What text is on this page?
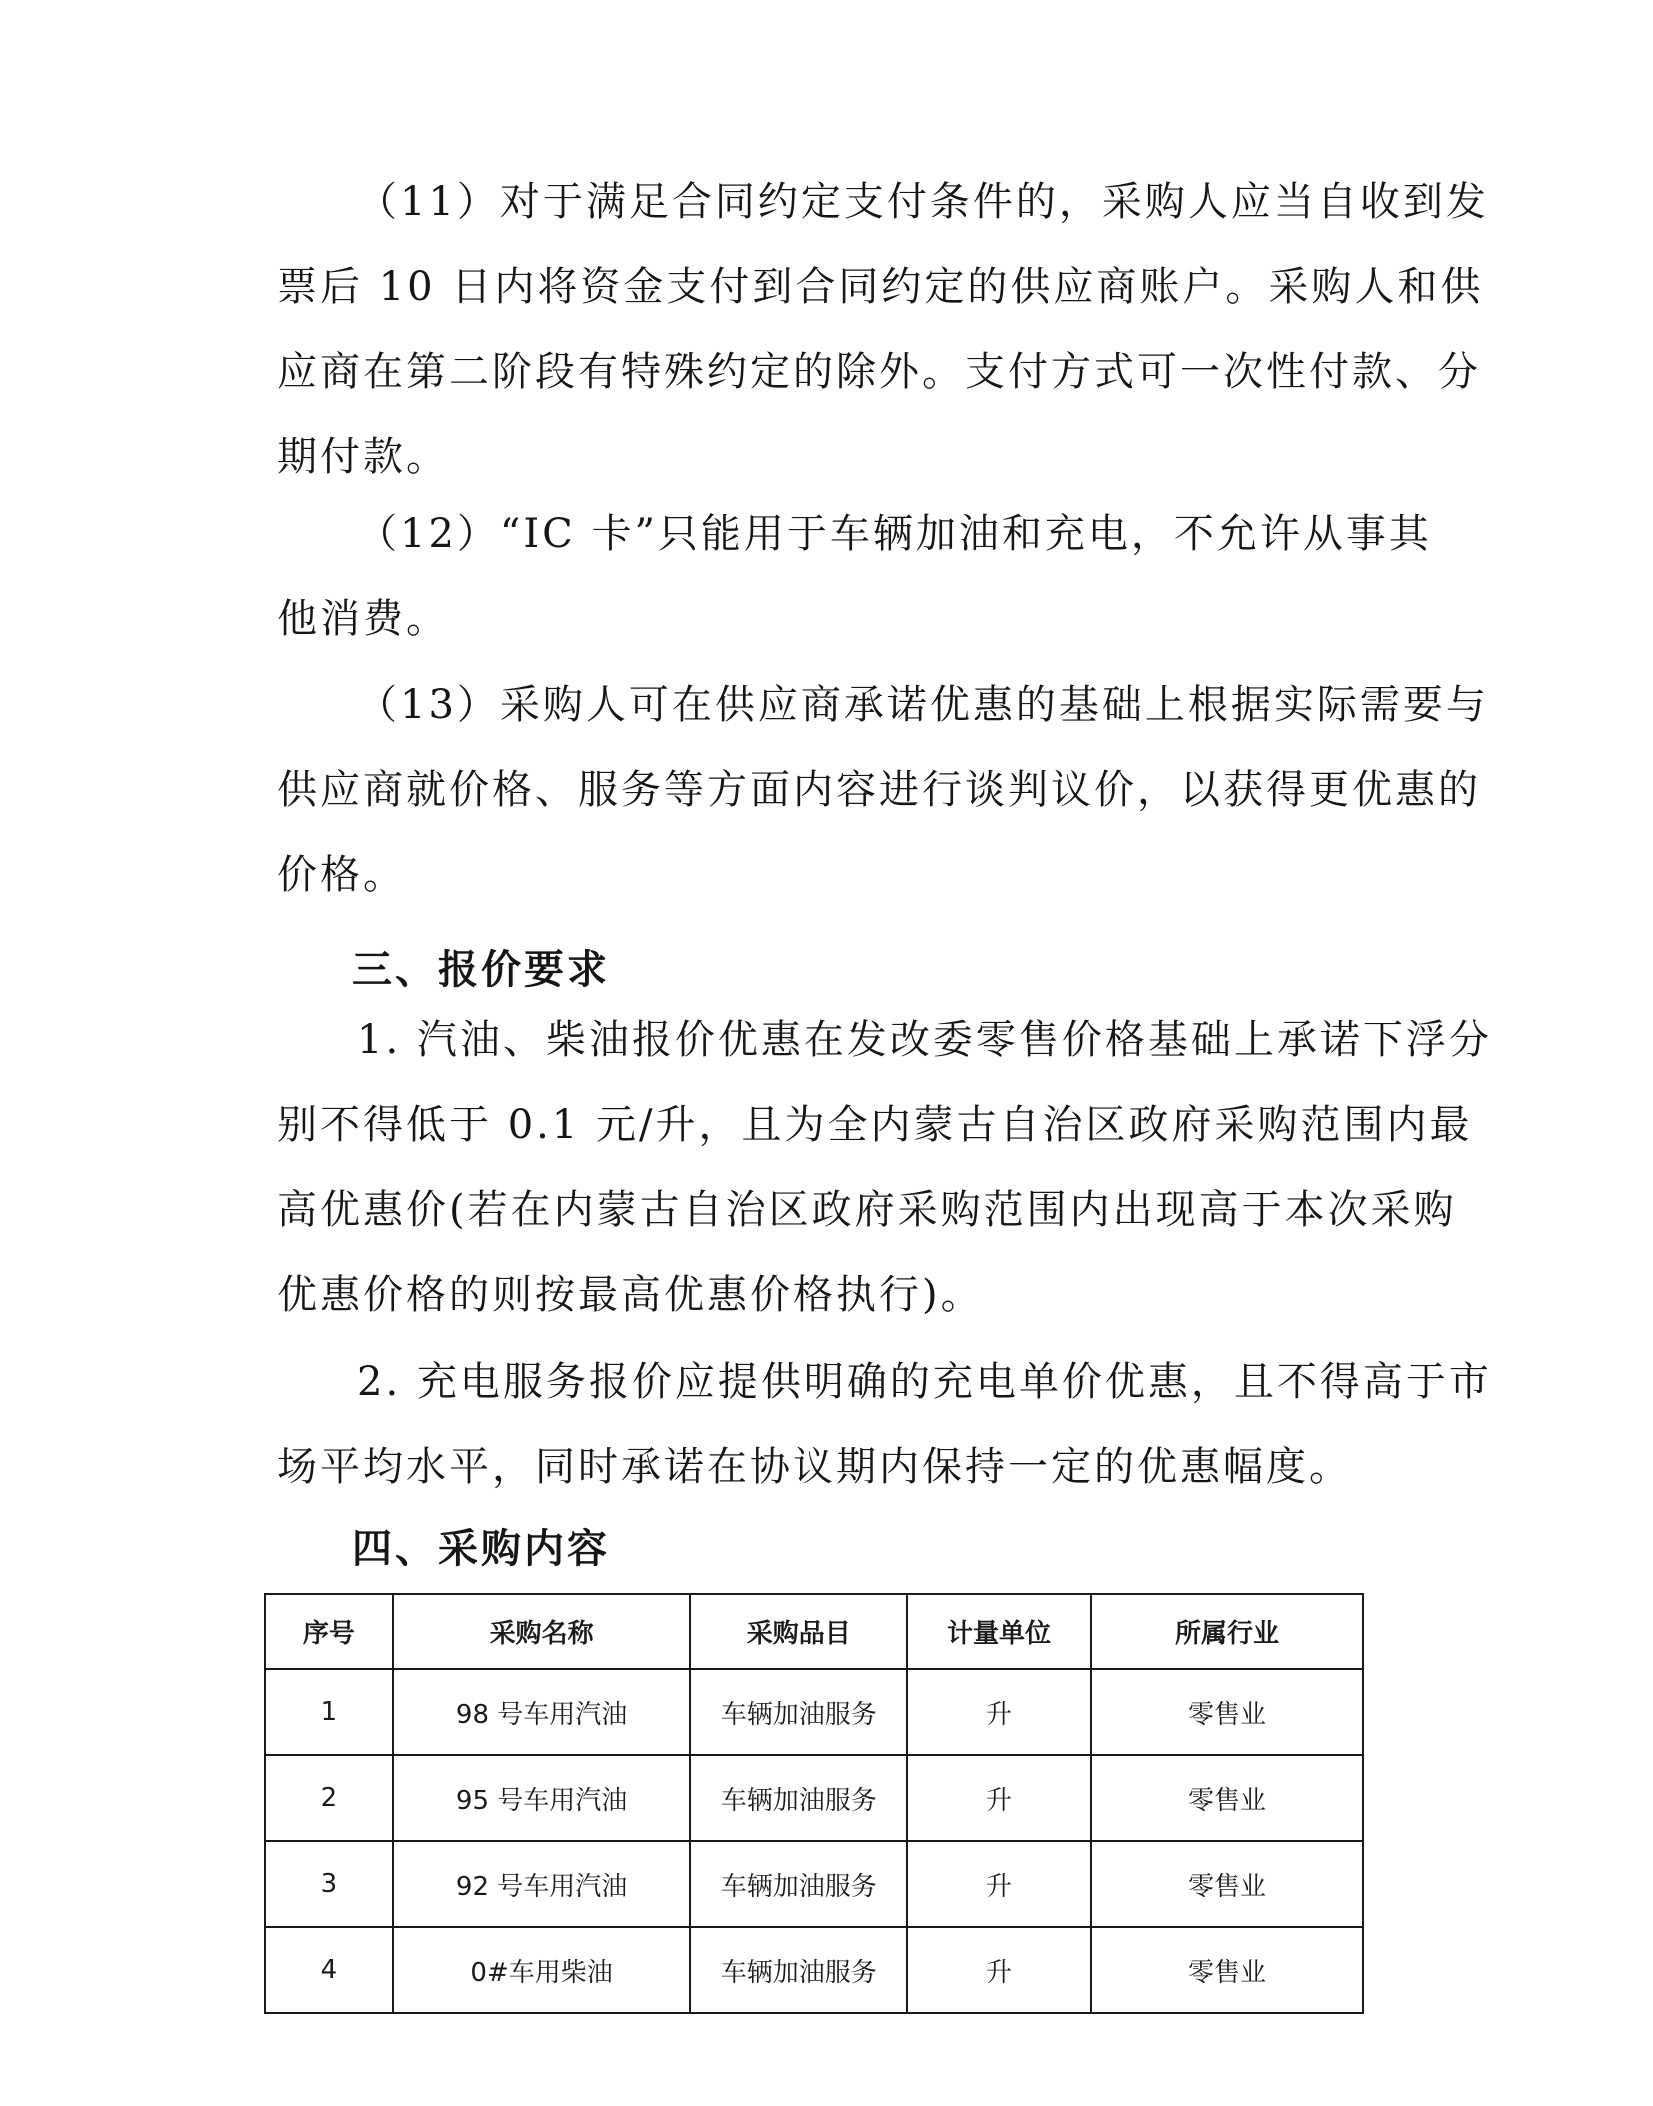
（11）对于满足合同约定支付条件的，采购人应当自收到发
票后 10 日内将资金支付到合同约定的供应商账户。采购人和供
应商在第二阶段有特殊约定的除外。支付方式可一次性付款、分
期付款。
（12）“IC 卡”只能用于车辆加油和充电，不允许从事其
他消费。
（13）采购人可在供应商承诺优惠的基础上根据实际需要与
供应商就价格、服务等方面内容进行谈判议价，以获得更优惠的
价格。
三、报价要求
1. 汽油、柴油报价优惠在发改委零售价格基础上承诺下浮分
别不得低于 0.1 元/升，且为全内蒙古自治区政府采购范围内最
高优惠价(若在内蒙古自治区政府采购范围内出现高于本次采购
优惠价格的则按最高优惠价格执行)。
2. 充电服务报价应提供明确的充电单价优惠，且不得高于市
场平均水平，同时承诺在协议期内保持一定的优惠幅度。
四、采购内容
序号	采购名称	采购品目	计量单位	所属行业
1	98 号车用汽油	车辆加油服务	升	零售业
2	95 号车用汽油	车辆加油服务	升	零售业
3	92 号车用汽油	车辆加油服务	升	零售业
4	0#车用柴油	车辆加油服务	升	零售业
